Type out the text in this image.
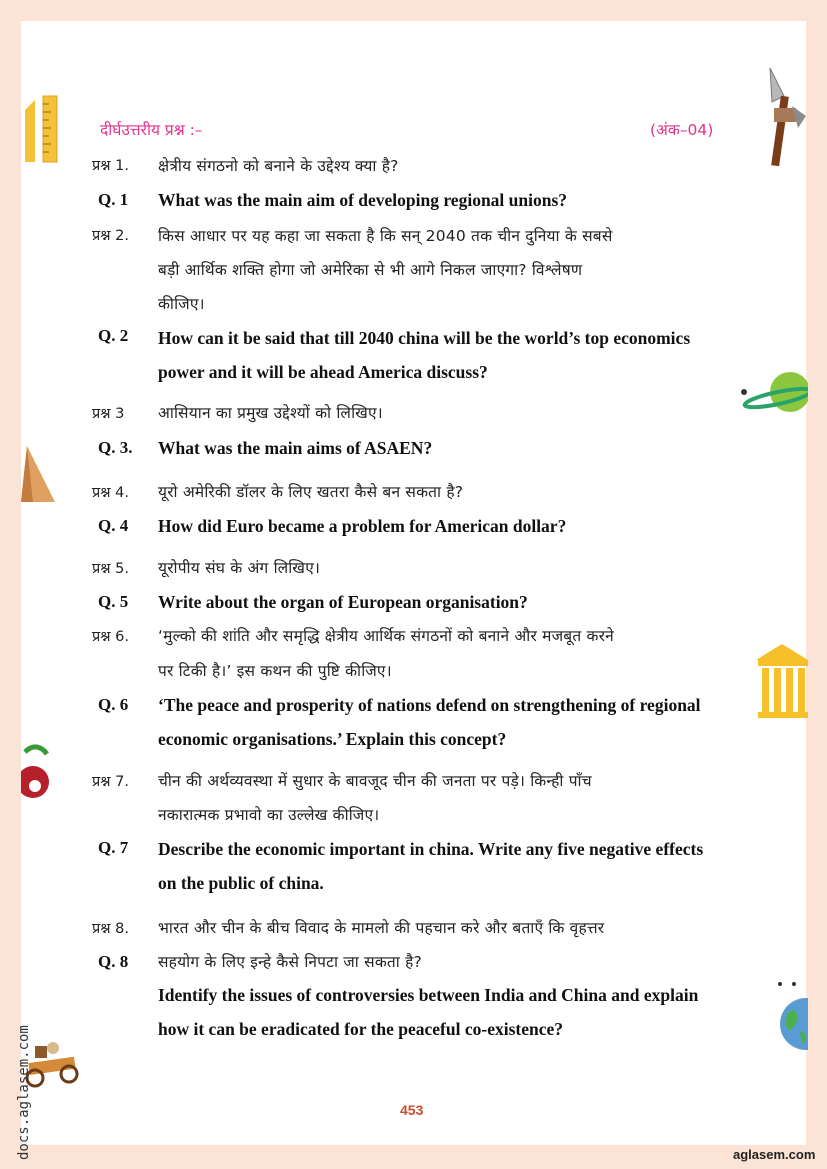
docs.aglasem.com
दीर्घउत्तरीय प्रश्न :–	(अंक–04)
प्रश्न 1. क्षेत्रीय संगठनो को बनाने के उद्देश्य क्या है?
Q. 1 What was the main aim of developing regional unions?
प्रश्न 2. किस आधार पर यह कहा जा सकता है कि सन् 2040 तक चीन दुनिया के सबसे
बड़ी आर्थिक शक्ति होगा जो अमेरिका से भी आगे निकल जाएगा? विश्लेषण
कीजिए।
Q. 2 How can it be said that till 2040 china will be the world’s top economics
power and it will be ahead America discuss?
प्रश्न 3 आसियान का प्रमुख उद्देश्यों को लिखिए।
Q. 3. What was the main aims of ASAEN?
प्रश्न 4. यूरो अमेरिकी डॉलर के लिए खतरा कैसे बन सकता है?
Q. 4 How did Euro became a problem for American dollar?
प्रश्न 5. यूरोपीय संघ के अंग लिखिए।
Q. 5 Write about the organ of European organisation?
प्रश्न 6. ‘मुल्को की शांति और समृद्धि क्षेत्रीय आर्थिक संगठनों को बनाने और मजबूत करने
पर टिकी है।’ इस कथन की पुष्टि कीजिए।
Q. 6 ‘The peace and prosperity of nations defend on strengthening of regional
economic organisations.’ Explain this concept?
प्रश्न 7. चीन की अर्थव्यवस्था में सुधार के बावजूद चीन की जनता पर पड़े। किन्ही पाँच
नकारात्मक प्रभावो का उल्लेख कीजिए।
Q. 7 Describe the economic important in china. Write any five negative effects
on the public of china.
प्रश्न 8. भारत और चीन के बीच विवाद के मामलो की पहचान करे और बताएँ कि वृहत्तर
सहयोग के लिए इन्हे कैसे निपटा जा सकता है?
Q. 8
Identify the issues of controversies between India and China and explain
how it can be eradicated for the peaceful co-existence?
453
aglasem.com
